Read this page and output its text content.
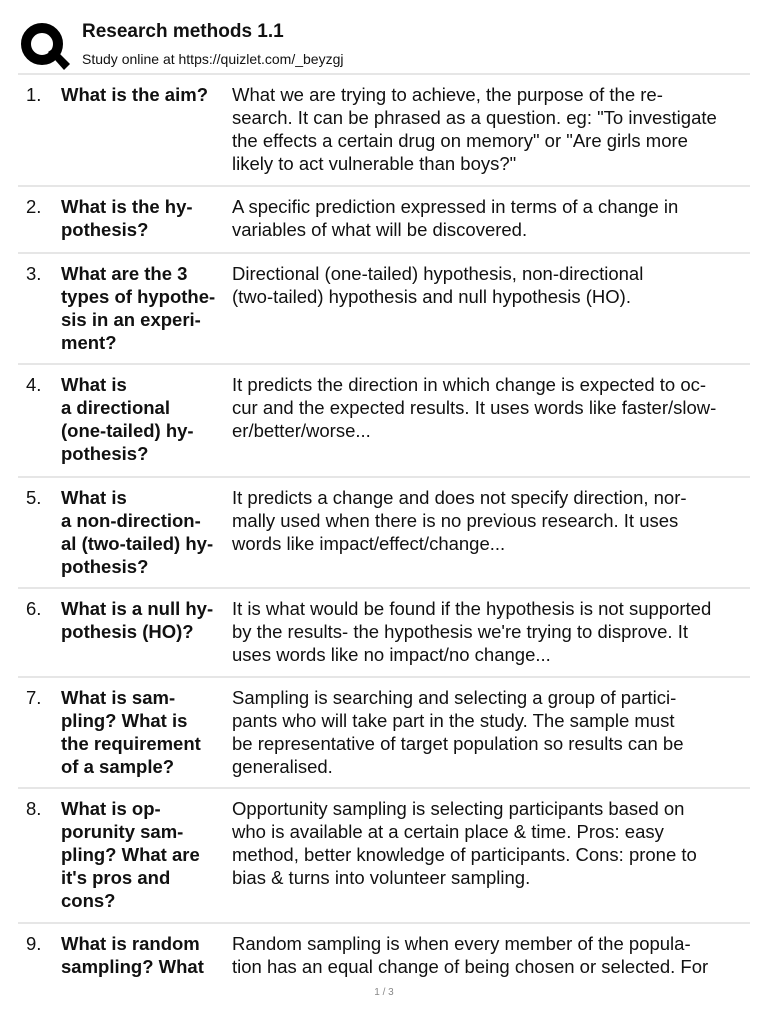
Research methods 1.1
Study online at https://quizlet.com/_beyzgj
1. What is the aim?	What we are trying to achieve, the purpose of the re-
search. It can be phrased as a question. eg: "To investigate
the effects a certain drug on memory" or "Are girls more
likely to act vulnerable than boys?"
2. What is the hy-
pothesis?
A specific prediction expressed in terms of a change in
variables of what will be discovered.
3. What are the 3
types of hypothe-
sis in an experi-
ment?
Directional (one-tailed) hypothesis, non-directional
(two-tailed) hypothesis and null hypothesis (HO).
4. What is
a directional
(one-tailed) hy-
pothesis?
It predicts the direction in which change is expected to oc-
cur and the expected results. It uses words like faster/slow-
er/better/worse...
5. What is
a non-direction-
al (two-tailed) hy-
pothesis?
It predicts a change and does not specify direction, nor-
mally used when there is no previous research. It uses
words like impact/effect/change...
6. What is a null hy-
pothesis (HO)?
It is what would be found if the hypothesis is not supported
by the results- the hypothesis we're trying to disprove. It
uses words like no impact/no change...
7. What is sam-
pling? What is
the requirement
of a sample?
Sampling is searching and selecting a group of partici-
pants who will take part in the study. The sample must
be representative of target population so results can be
generalised.
8. What is op-
porunity sam-
pling? What are
it's pros and
cons?
Opportunity sampling is selecting participants based on
who is available at a certain place & time. Pros: easy
method, better knowledge of participants. Cons: prone to
bias & turns into volunteer sampling.
9. What is random
sampling? What
Random sampling is when every member of the popula-
tion has an equal change of being chosen or selected. For
1 / 3
